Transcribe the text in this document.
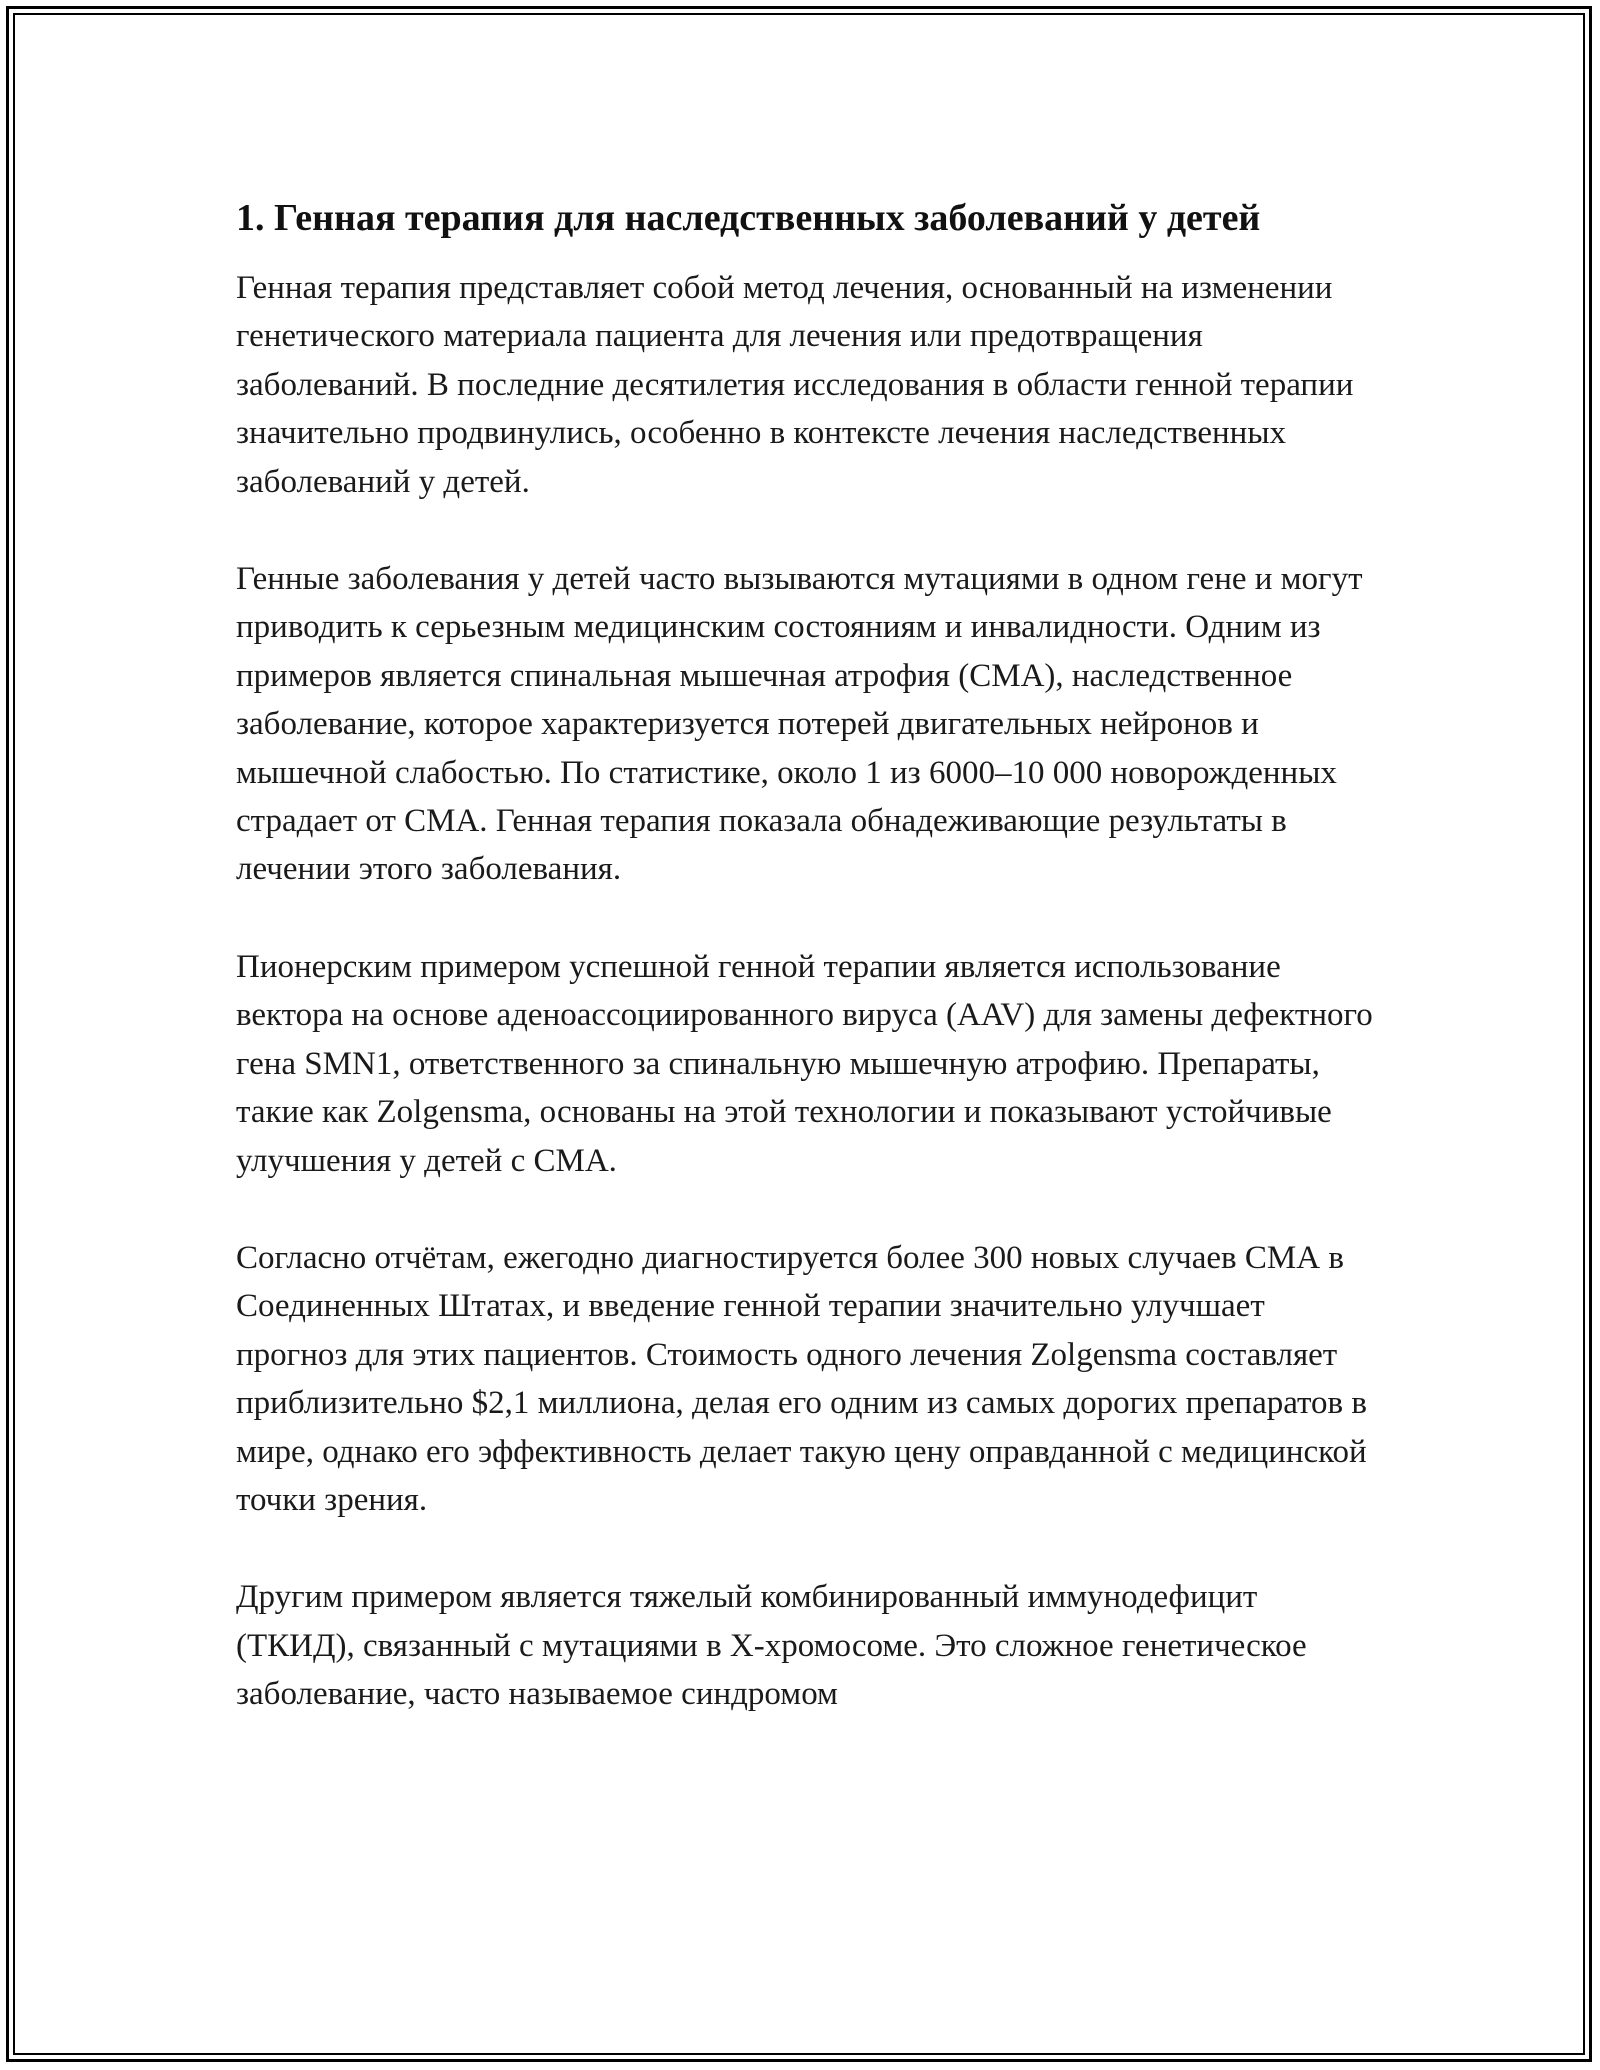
1. Генная терапия для наследственных заболеваний у детей

Генная терапия представляет собой метод лечения, основанный на изменении генетического материала пациента для лечения или предотвращения заболеваний. В последние десятилетия исследования в области генной терапии значительно продвинулись, особенно в контексте лечения наследственных заболеваний у детей.

Генные заболевания у детей часто вызываются мутациями в одном гене и могут приводить к серьезным медицинским состояниям и инвалидности. Одним из примеров является спинальная мышечная атрофия (СМА), наследственное заболевание, которое характеризуется потерей двигательных нейронов и мышечной слабостью. По статистике, около 1 из 6000–10 000 новорожденных страдает от СМА. Генная терапия показала обнадеживающие результаты в лечении этого заболевания.

Пионерским примером успешной генной терапии является использование вектора на основе аденоассоциированного вируса (AAV) для замены дефектного гена SMN1, ответственного за спинальную мышечную атрофию. Препараты, такие как Zolgensma, основаны на этой технологии и показывают устойчивые улучшения у детей с СМА.

Согласно отчётам, ежегодно диагностируется более 300 новых случаев СМА в Соединенных Штатах, и введение генной терапии значительно улучшает прогноз для этих пациентов. Стоимость одного лечения Zolgensma составляет приблизительно $2,1 миллиона, делая его одним из самых дорогих препаратов в мире, однако его эффективность делает такую цену оправданной с медицинской точки зрения.

Другим примером является тяжелый комбинированный иммунодефицит (ТКИД), связанный с мутациями в X-хромосоме. Это сложное генетическое заболевание, часто называемое синдромом
